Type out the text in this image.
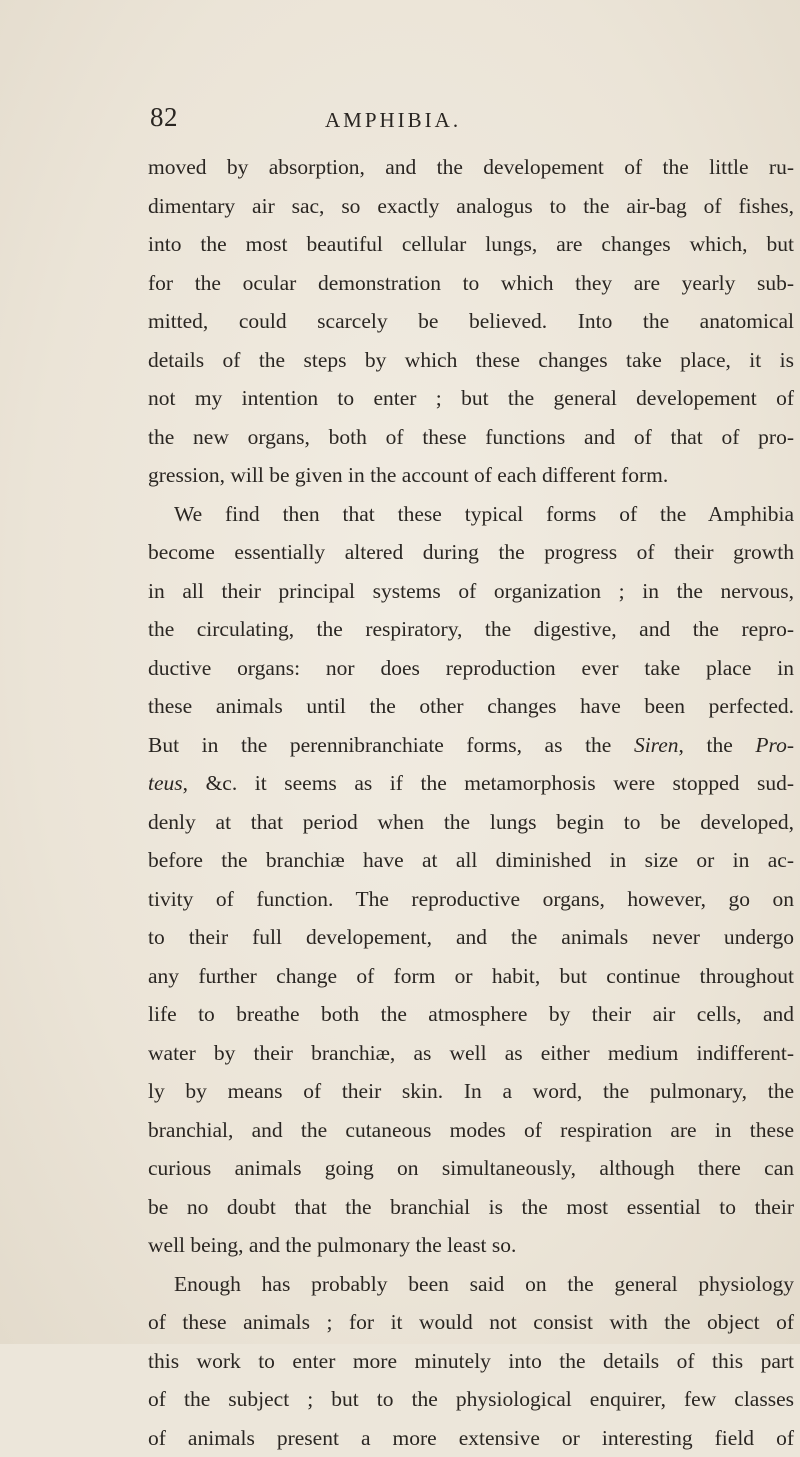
82	AMPHIBIA.
moved by absorption, and the developement of the little ru-
dimentary air sac, so exactly analogus to the air-bag of fishes,
into the most beautiful cellular lungs, are changes which, but
for the ocular demonstration to which they are yearly sub-
mitted, could scarcely be believed. Into the anatomical
details of the steps by which these changes take place, it is
not my intention to enter ; but the general developement of
the new organs, both of these functions and of that of pro-
gression, will be given in the account of each different form.
We find then that these typical forms of the Amphibia
become essentially altered during the progress of their growth
in all their principal systems of organization ; in the nervous,
the circulating, the respiratory, the digestive, and the repro-
ductive organs: nor does reproduction ever take place in
these animals until the other changes have been perfected.
But in the perennibranchiate forms, as the Siren, the Pro-
teus, &c. it seems as if the metamorphosis were stopped sud-
denly at that period when the lungs begin to be developed,
before the branchiæ have at all diminished in size or in ac-
tivity of function. The reproductive organs, however, go on
to their full developement, and the animals never undergo
any further change of form or habit, but continue throughout
life to breathe both the atmosphere by their air cells, and
water by their branchiæ, as well as either medium indifferent-
ly by means of their skin. In a word, the pulmonary, the
branchial, and the cutaneous modes of respiration are in these
curious animals going on simultaneously, although there can
be no doubt that the branchial is the most essential to their
well being, and the pulmonary the least so.
Enough has probably been said on the general physiology
of these animals ; for it would not consist with the object of
this work to enter more minutely into the details of this part
of the subject ; but to the physiological enquirer, few classes
of animals present a more extensive or interesting field of
